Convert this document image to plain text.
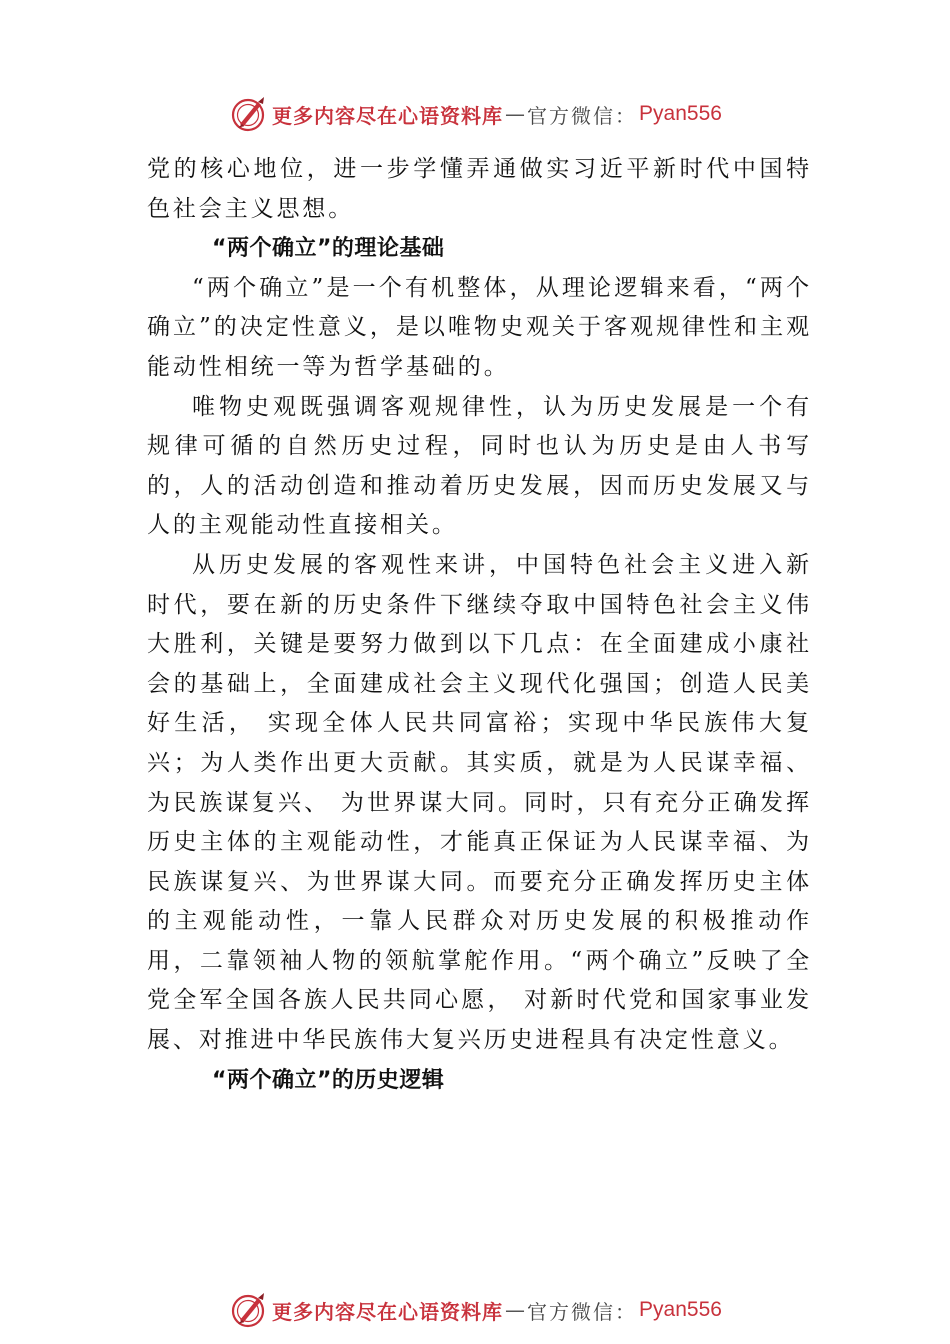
更多内容尽在心语资料库 — 官方微信 ： Pyan556

党的核心地位，进一步学懂弄通做实习近平新时代中国特色社会主义思想。

“两个确立”的理论基础

“两个确立”是一个有机整体，从理论逻辑来看，“两个确立”的决定性意义，是以唯物史观关于客观规律性和主观能动性相统一等为哲学基础的。

唯物史观既强调客观规律性，认为历史发展是一个有规律可循的自然历史过程，同时也认为历史是由人书写的，人的活动创造和推动着历史发展，因而历史发展又与人的主观能动性直接相关。

从历史发展的客观性来讲，中国特色社会主义进入新时代，要在新的历史条件下继续夺取中国特色社会主义伟大胜利，关键是要努力做到以下几点：在全面建成小康社会的基础上，全面建成社会主义现代化强国；创造人民美好生活， 实现全体人民共同富裕；实现中华民族伟大复兴；为人类作出更大贡献。其实质，就是为人民谋幸福、为民族谋复兴、 为世界谋大同。同时，只有充分正确发挥历史主体的主观能动性，才能真正保证为人民谋幸福、为民族谋复兴、为世界谋大同。而要充分正确发挥历史主体的主观能动性，一靠人民群众对历史发展的积极推动作用，二靠领袖人物的领航掌舵作用。“两个确立”反映了全党全军全国各族人民共同心愿， 对新时代党和国家事业发展、对推进中华民族伟大复兴历史进程具有决定性意义。

“两个确立”的历史逻辑

更多内容尽在心语资料库 — 官方微信 ： Pyan556
